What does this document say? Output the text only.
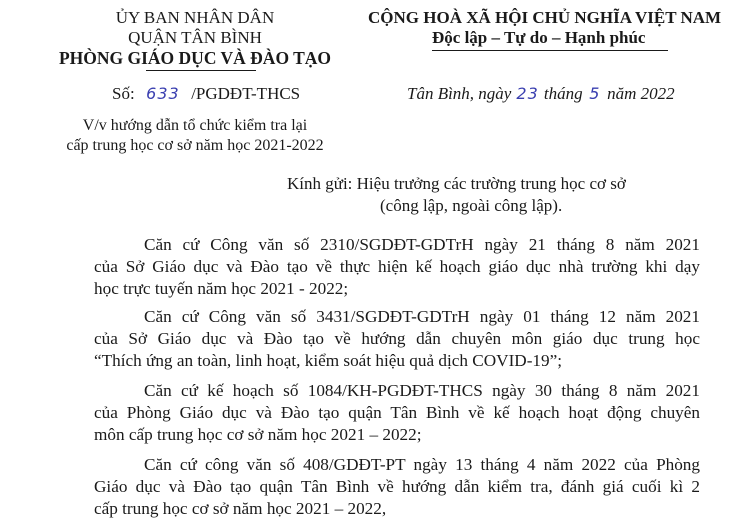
ỦY BAN NHÂN DÂN
QUẬN TÂN BÌNH
PHÒNG GIÁO DỤC VÀ ĐÀO TẠO
Số: 633 /PGDĐT-THCS
V/v hướng dẫn tổ chức kiểm tra lại
cấp trung học cơ sở năm học 2021-2022
CỘNG HOÀ XÃ HỘI CHỦ NGHĨA VIỆT NAM
Độc lập – Tự do – Hạnh phúc
Tân Bình, ngày 23 tháng 5 năm 2022
Kính gửi: Hiệu trưởng các trường trung học cơ sở
(công lập, ngoài công lập).
Căn cứ Công văn số 2310/SGDĐT-GDTrH ngày 21 tháng 8 năm 2021
của Sở Giáo dục và Đào tạo về thực hiện kế hoạch giáo dục nhà trường khi dạy
học trực tuyến năm học 2021 - 2022;
Căn cứ Công văn số 3431/SGDĐT-GDTrH ngày 01 tháng 12 năm 2021
của Sở Giáo dục và Đào tạo về hướng dẫn chuyên môn giáo dục trung học
“Thích ứng an toàn, linh hoạt, kiểm soát hiệu quả dịch COVID-19”;
Căn cứ kế hoạch số 1084/KH-PGDĐT-THCS ngày 30 tháng 8 năm 2021
của Phòng Giáo dục và Đào tạo quận Tân Bình về kế hoạch hoạt động chuyên
môn cấp trung học cơ sở năm học 2021 – 2022;
Căn cứ công văn số 408/GDĐT-PT ngày 13 tháng 4 năm 2022 của Phòng
Giáo dục và Đào tạo quận Tân Bình về hướng dẫn kiểm tra, đánh giá cuối kì 2
cấp trung học cơ sở năm học 2021 – 2022,
